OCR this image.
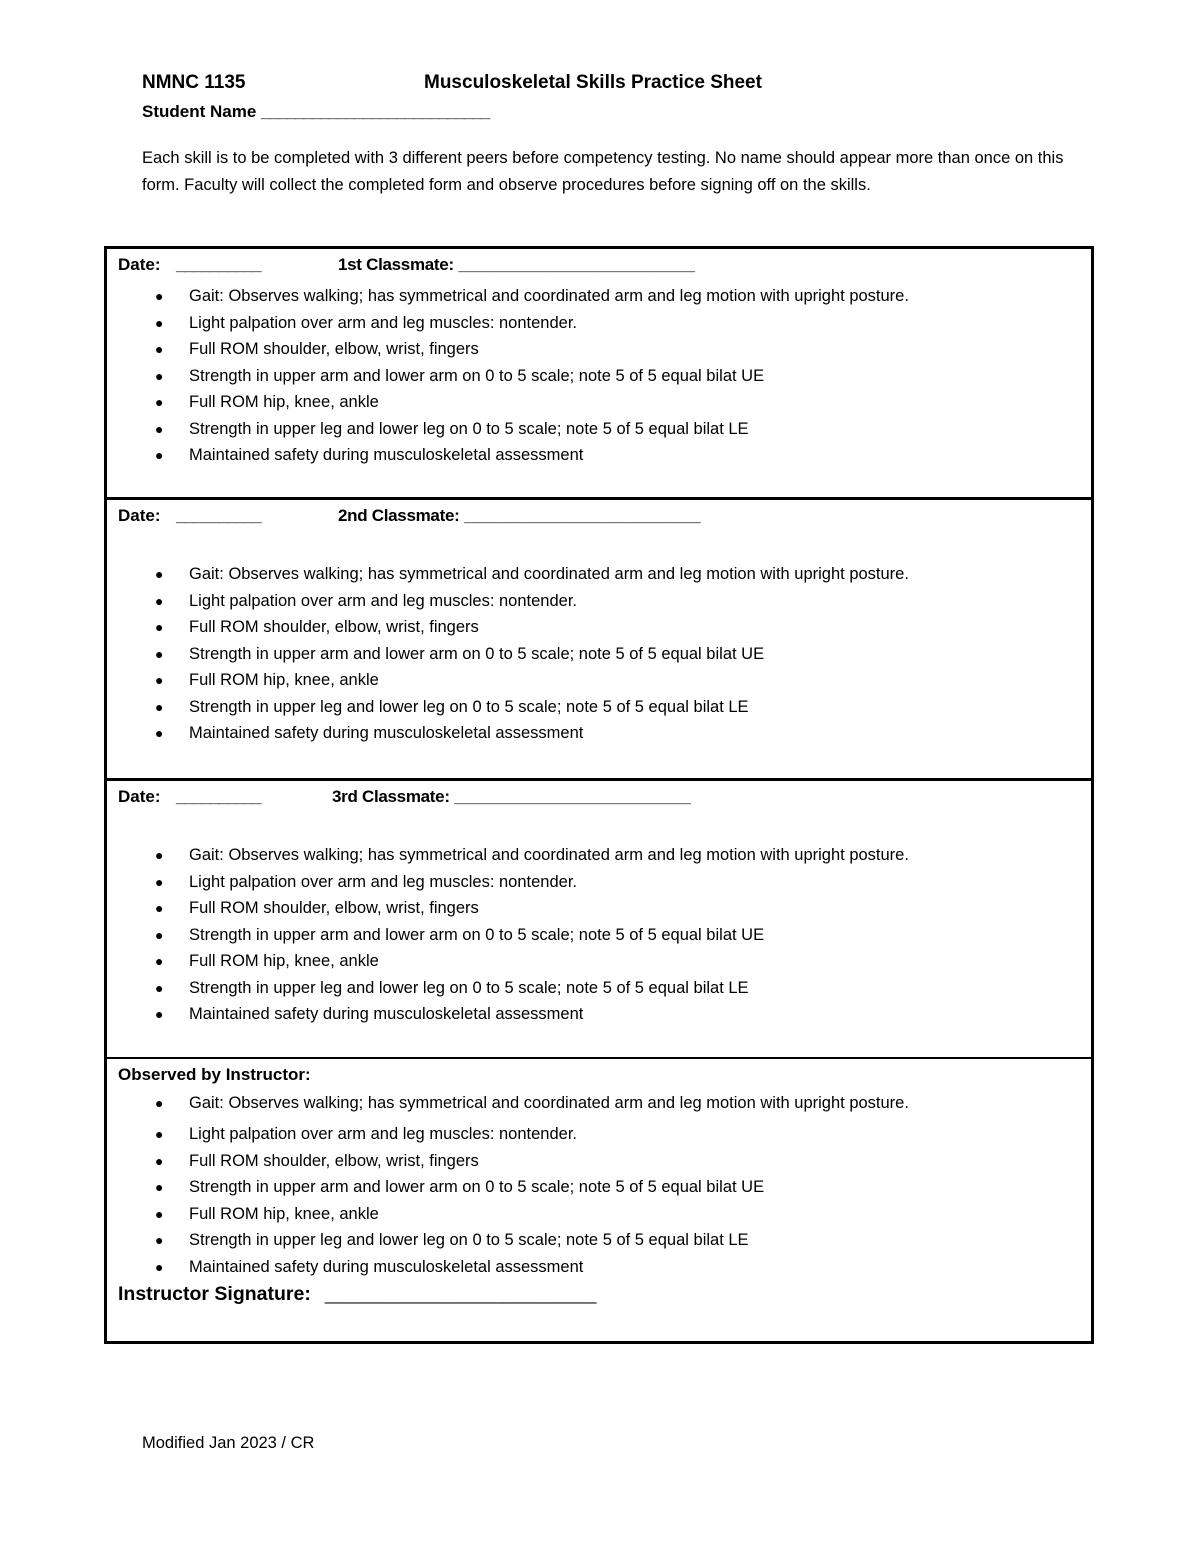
NMNC 1135	Musculoskeletal Skills Practice Sheet
Student Name ___________________________
Each skill is to be completed with 3 different peers before competency testing. No name should appear more than once on this form. Faculty will collect the completed form and observe procedures before signing off on the skills.
Date: __________	1st Classmate: _________________________
● Gait: Observes walking; has symmetrical and coordinated arm and leg motion with upright posture.
● Light palpation over arm and leg muscles: nontender.
● Full ROM shoulder, elbow, wrist, fingers
● Strength in upper arm and lower arm on 0 to 5 scale; note 5 of 5 equal bilat UE
● Full ROM hip, knee, ankle
● Strength in upper leg and lower leg on 0 to 5 scale; note 5 of 5 equal bilat LE
● Maintained safety during musculoskeletal assessment
Date: __________	2nd Classmate: _________________________
● Gait: Observes walking; has symmetrical and coordinated arm and leg motion with upright posture.
● Light palpation over arm and leg muscles: nontender.
● Full ROM shoulder, elbow, wrist, fingers
● Strength in upper arm and lower arm on 0 to 5 scale; note 5 of 5 equal bilat UE
● Full ROM hip, knee, ankle
● Strength in upper leg and lower leg on 0 to 5 scale; note 5 of 5 equal bilat LE
● Maintained safety during musculoskeletal assessment
Date: __________	3rd Classmate: _________________________
● Gait: Observes walking; has symmetrical and coordinated arm and leg motion with upright posture.
● Light palpation over arm and leg muscles: nontender.
● Full ROM shoulder, elbow, wrist, fingers
● Strength in upper arm and lower arm on 0 to 5 scale; note 5 of 5 equal bilat UE
● Full ROM hip, knee, ankle
● Strength in upper leg and lower leg on 0 to 5 scale; note 5 of 5 equal bilat LE
● Maintained safety during musculoskeletal assessment
Observed by Instructor:
● Gait: Observes walking; has symmetrical and coordinated arm and leg motion with upright posture.
● Light palpation over arm and leg muscles: nontender.
● Full ROM shoulder, elbow, wrist, fingers
● Strength in upper arm and lower arm on 0 to 5 scale; note 5 of 5 equal bilat UE
● Full ROM hip, knee, ankle
● Strength in upper leg and lower leg on 0 to 5 scale; note 5 of 5 equal bilat LE
● Maintained safety during musculoskeletal assessment
Instructor Signature: ________________________________
Modified Jan 2023 / CR
